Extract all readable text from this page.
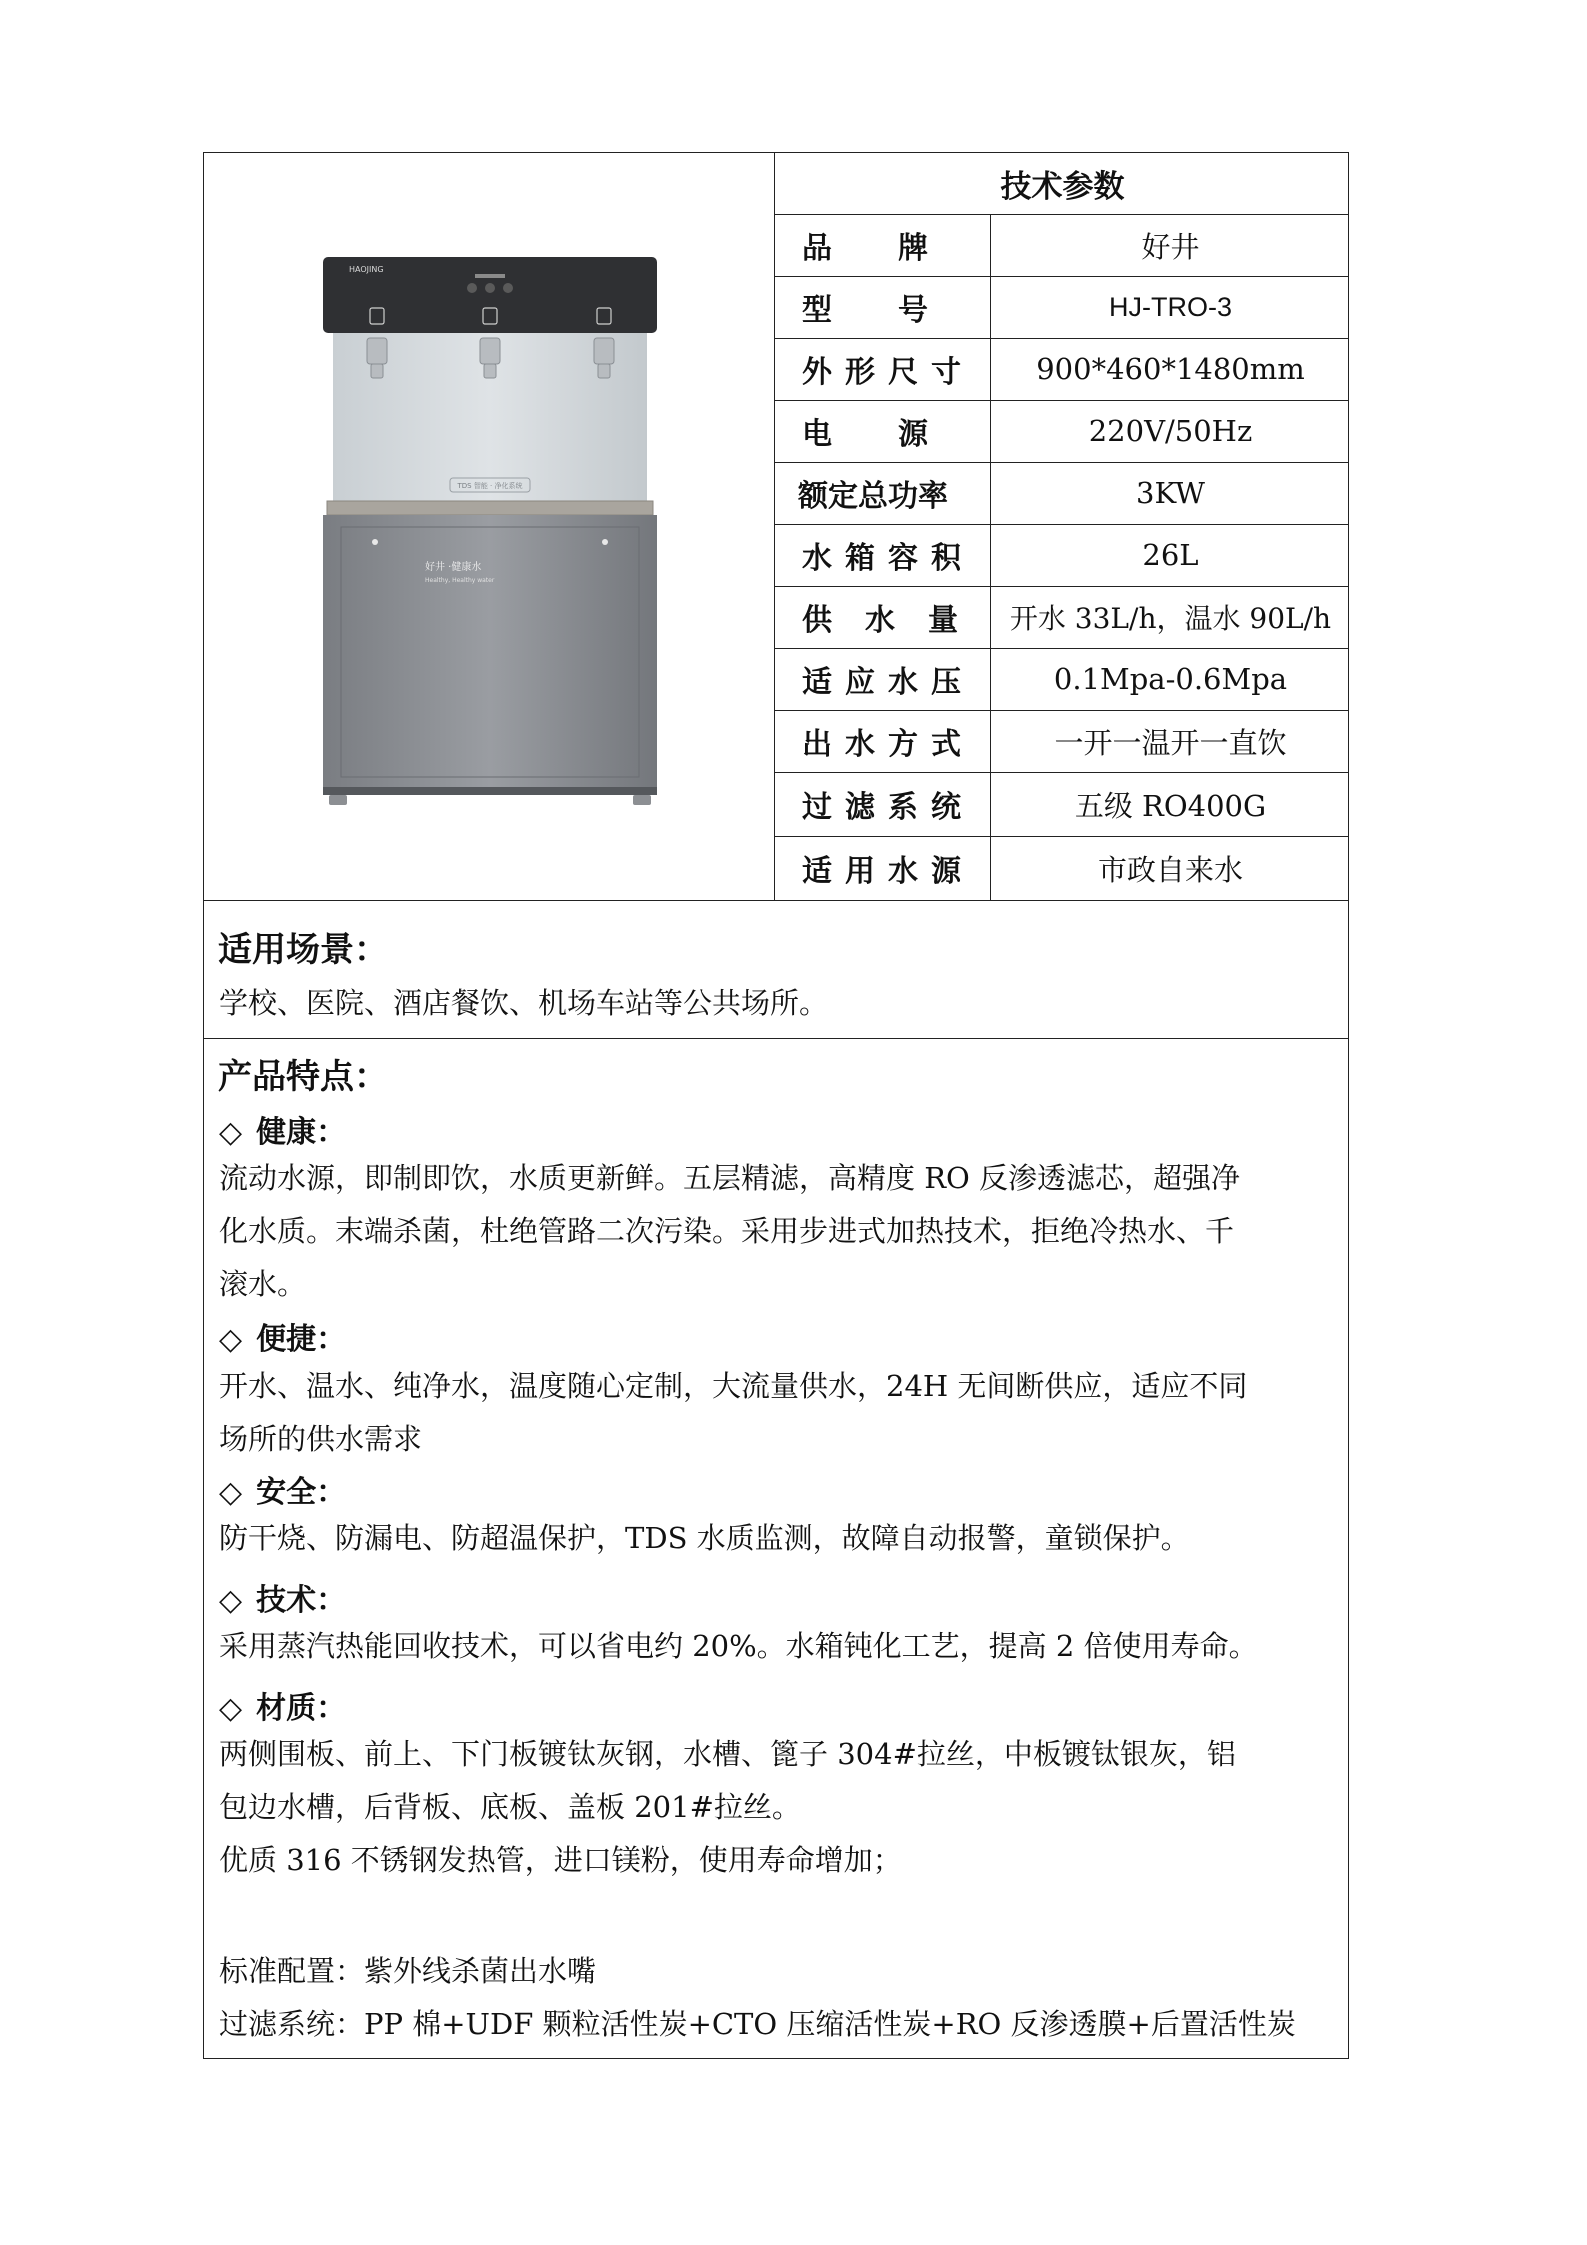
技术参数
品牌	好井
型号	HJ-TRO-3
外形尺寸	900*460*1480mm
电源	220V/50Hz
额定总功率	3KW
水箱容积	26L
供水量 开水 33L/h，温水 90L/h
适应水压	0.1Mpa-0.6Mpa
出水方式	一开一温开一直饮
过滤系统	五级 RO400G
适用水源	市政自来水
HAOJING
TDS 智能 · 净化系统
好井 ·健康水
Healthy, Healthy water
适用场景：
学校、医院、酒店餐饮、机场车站等公共场所。
产品特点：
◇ 健康：
流动水源，即制即饮，水质更新鲜。五层精滤，高精度 RO 反渗透滤芯，超强净
化水质。末端杀菌，杜绝管路二次污染。采用步进式加热技术，拒绝冷热水、千
滚水。
◇ 便捷：
开水、温水、纯净水，温度随心定制，大流量供水，24H 无间断供应，适应不同
场所的供水需求
◇ 安全：
防干烧、防漏电、防超温保护，TDS 水质监测，故障自动报警，童锁保护。
◇ 技术：
采用蒸汽热能回收技术，可以省电约 20%。水箱钝化工艺，提高 2 倍使用寿命。
◇ 材质：
两侧围板、前上、下门板镀钛灰钢，水槽、篦子 304#拉丝，中板镀钛银灰，铝
包边水槽，后背板、底板、盖板 201#拉丝。
优质 316 不锈钢发热管，进口镁粉，使用寿命增加；
标准配置：紫外线杀菌出水嘴
过滤系统：PP 棉+UDF 颗粒活性炭+CTO 压缩活性炭+RO 反渗透膜+后置活性炭
